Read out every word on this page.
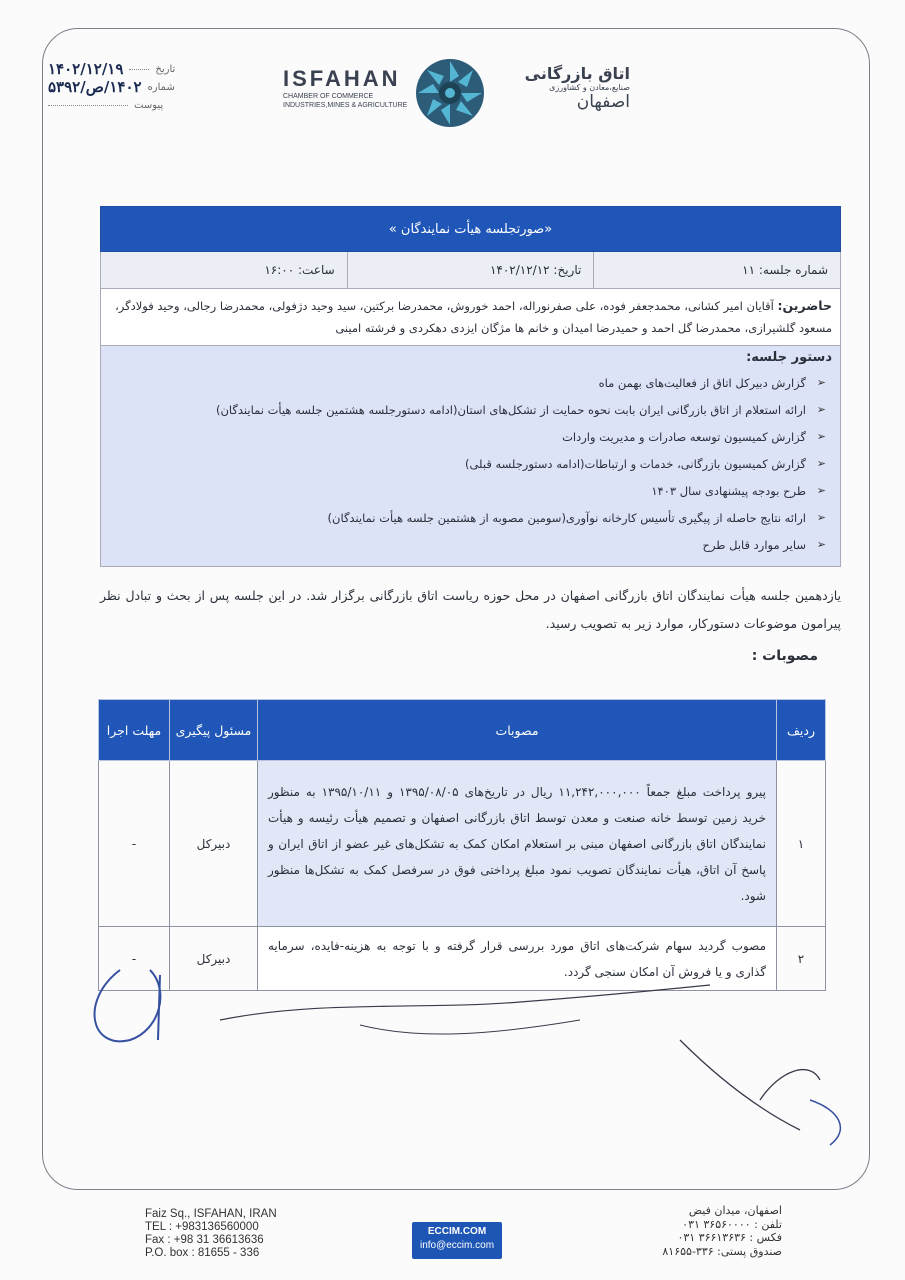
۱۴۰۲/۱۲/۱۹	تاریخ
۱۴۰۲/ص/۵۳۹۲ شماره
پیوست
ISFAHAN
CHAMBER OF COMMERCE
INDUSTRIES,MINES & AGRICULTURE
اتاق بازرگانی
صنایع،معادن و کشاورزی
اصفهان
«صورتجلسه هیأت نمایندگان »
شماره جلسه: ۱۱
تاریخ: ۱۴۰۲/۱۲/۱۲
ساعت: ۱۶:۰۰
حاضرین: آقایان امیر کشانی، محمدجعفر فوده، علی صفرنوراله، احمد خوروش، محمدرضا برکتین، سید وحید دژفولی، محمدرضا رجالی، وحید فولادگر، مسعود گلشیرازی، محمدرضا گل احمد و حمیدرضا امیدان و خانم ها مژگان ایزدی دهکردی و فرشته امینی
دستور جلسه:
➢
گزارش دبیرکل اتاق از فعالیت‌های بهمن ماه
➢
ارائه استعلام از اتاق بازرگانی ایران بابت نحوه حمایت از تشکل‌های استان(ادامه دستورجلسه هشتمین جلسه هیأت نمایندگان)
➢
گزارش کمیسیون توسعه صادرات و مدیریت واردات
➢
گزارش کمیسیون بازرگانی، خدمات و ارتباطات(ادامه دستورجلسه قبلی)
➢
طرح بودجه پیشنهادی سال ۱۴۰۳
➢
ارائه نتایج حاصله از پیگیری تأسیس کارخانه نوآوری(سومین مصوبه از هشتمین جلسه هیأت نمایندگان)
➢
سایر موارد قابل طرح
یازدهمین جلسه هیأت نمایندگان اتاق بازرگانی اصفهان در محل حوزه ریاست اتاق بازرگانی برگزار شد. در این جلسه پس از بحث و تبادل نظر پیرامون موضوعات دستورکار، موارد زیر به تصویب رسید.
مصوبات :
ردیف	مصوبات	مسئول پیگیری	مهلت اجرا
۱	پیرو پرداخت مبلغ جمعاً ۱۱,۲۴۲,۰۰۰,۰۰۰ ریال در تاریخ‌های ۱۳۹۵/۰۸/۰۵ و ۱۳۹۵/۱۰/۱۱ به منظور خرید زمین توسط خانه صنعت و معدن توسط اتاق بازرگانی اصفهان و تصمیم هیأت رئیسه و هیأت نمایندگان اتاق بازرگانی اصفهان مبنی بر استعلام امکان کمک به تشکل‌های غیر عضو از اتاق ایران و پاسخ آن اتاق، هیأت نمایندگان تصویب نمود مبلغ پرداختی فوق در سرفصل کمک به تشکل‌ها منظور شود.	دبیرکل	-
۲	مصوب گردید سهام شرکت‌های اتاق مورد بررسی قرار گرفته و با توجه به هزینه-فایده، سرمایه گذاری و یا فروش آن امکان سنجی گردد.	دبیرکل	-
Faiz Sq., ISFAHAN, IRAN
TEL : +983136560000
Fax : +98 31 36613636
P.O. box : 81655 - 336
ECCIM.COM
info@eccim.com
اصفهان، میدان فیض
تلفن : ۳۶۵۶۰۰۰۰ ۰۳۱
فکس : ۳۶۶۱۳۶۳۶ ۰۳۱
صندوق پستی: ۳۳۶-۸۱۶۵۵
